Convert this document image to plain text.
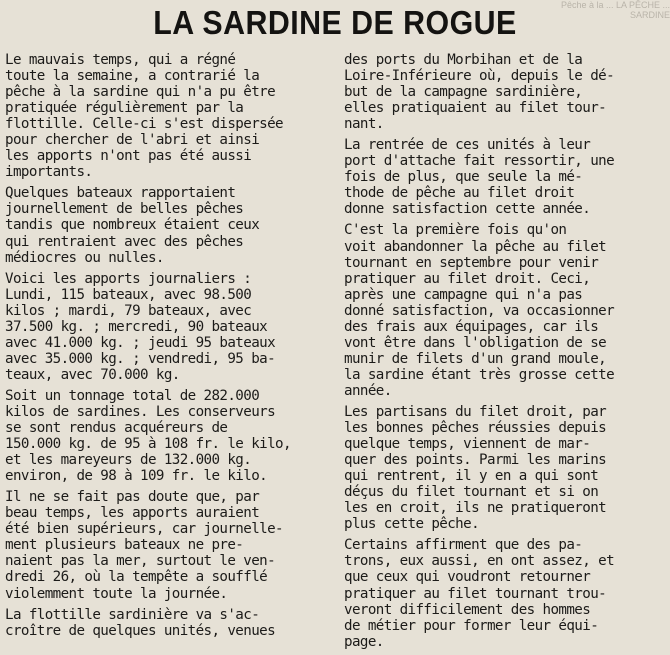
Pêche à la ... LA PÊCHE ... SARDINE
LA SARDINE DE ROGUE
Le mauvais temps, qui a régné
toute la semaine, a contrarié la
pêche à la sardine qui n'a pu être
pratiquée régulièrement par la
flottille. Celle-ci s'est dispersée
pour chercher de l'abri et ainsi
les apports n'ont pas été aussi
importants.
Quelques bateaux rapportaient
journellement de belles pêches
tandis que nombreux étaient ceux
qui rentraient avec des pêches
médiocres ou nulles.
Voici les apports journaliers :
Lundi, 115 bateaux, avec 98.500
kilos ; mardi, 79 bateaux, avec
37.500 kg. ; mercredi, 90 bateaux
avec 41.000 kg. ; jeudi 95 bateaux
avec 35.000 kg. ; vendredi, 95 ba-
teaux, avec 70.000 kg.
Soit un tonnage total de 282.000
kilos de sardines. Les conserveurs
se sont rendus acquéreurs de
150.000 kg. de 95 à 108 fr. le kilo,
et les mareyeurs de 132.000 kg.
environ, de 98 à 109 fr. le kilo.
Il ne se fait pas doute que, par
beau temps, les apports auraient
été bien supérieurs, car journelle-
ment plusieurs bateaux ne pre-
naient pas la mer, surtout le ven-
dredi 26, où la tempête a soufflé
violemment toute la journée.
La flottille sardinière va s'ac-
croître de quelques unités, venues
des ports du Morbihan et de la
Loire-Inférieure où, depuis le dé-
but de la campagne sardinière,
elles pratiquaient au filet tour-
nant.
La rentrée de ces unités à leur
port d'attache fait ressortir, une
fois de plus, que seule la mé-
thode de pêche au filet droit
donne satisfaction cette année.
C'est la première fois qu'on
voit abandonner la pêche au filet
tournant en septembre pour venir
pratiquer au filet droit. Ceci,
après une campagne qui n'a pas
donné satisfaction, va occasionner
des frais aux équipages, car ils
vont être dans l'obligation de se
munir de filets d'un grand moule,
la sardine étant très grosse cette
année.
Les partisans du filet droit, par
les bonnes pêches réussies depuis
quelque temps, viennent de mar-
quer des points. Parmi les marins
qui rentrent, il y en a qui sont
déçus du filet tournant et si on
les en croit, ils ne pratiqueront
plus cette pêche.
Certains affirment que des pa-
trons, eux aussi, en ont assez, et
que ceux qui voudront retourner
pratiquer au filet tournant trou-
veront difficilement des hommes
de métier pour former leur équi-
page.
